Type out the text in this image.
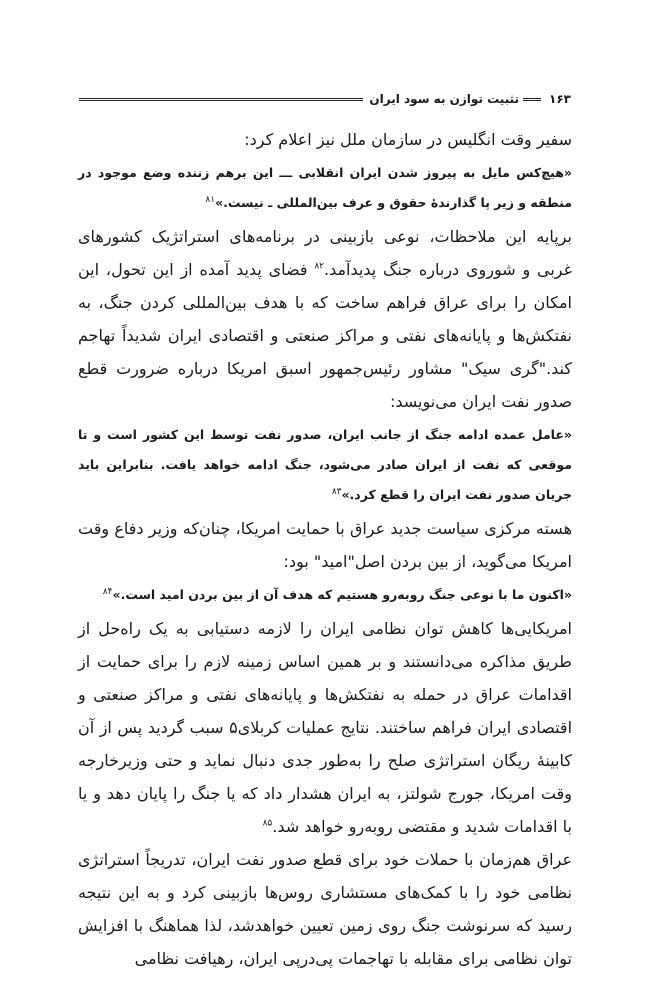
۱۶۳
تثبیت توازن به سود ایران

سفیر وقت انگلیس در سازمان ملل نیز اعلام کرد:

«هیچ‌کس مایل به پیروز شدن ایران انقلابی ـــ این برهم زننده وضع موجود در منطقه و زیر پا گذارندهٔ حقوق و عرف بین‌المللی ـ نیست.»$^{۸۱}$

برپایه این ملاحظات، نوعی بازبینی در برنامه‌های استراتژیک کشورهای غربی و شوروی درباره جنگ پدیدآمد.$^{۸۲}$ فضای پدید آمده از این تحول، این امکان را برای عراق فراهم ساخت که با هدف بین‌المللی کردن جنگ، به نفتکش‌ها و پایانه‌های نفتی و مراکز صنعتی و اقتصادی ایران شدیداً تهاجم کند."گری سیک" مشاور رئیس‌جمهور اسبق امریکا درباره ضرورت قطع صدور نفت ایران می‌نویسد:

«عامل عمده ادامه جنگ از جانب ایران، صدور نفت توسط این کشور است و تا موقعی که نفت از ایران صادر می‌شود، جنگ ادامه خواهد یافت. بنابراین باید جریان صدور نفت ایران را قطع کرد.»$^{۸۳}$

هسته مرکزی سیاست جدید عراق با حمایت امریکا، چنان‌که وزیر دفاع وقت امریکا می‌گوید، از بین بردن اصل"امید" بود:

«اکنون ما با نوعی جنگ روبه‌رو هستیم که هدف آن از بین بردن امید است.»$^{۸۴}$

امریکایی‌ها کاهش توان نظامی ایران را لازمه دستیابی به یک راه‌حل از طریق مذاکره می‌دانستند و بر همین اساس زمینه لازم را برای حمایت از اقدامات عراق در حمله به نفتکش‌ها و پایانه‌های نفتی و مراکز صنعتی و اقتصادی ایران فراهم ساختند. نتایج عملیات کربلای۵ سبب گردید پس از آن کابینهٔ ریگان استراتژی صلح را به‌طور جدی دنبال نماید و حتی وزیرخارجه وقت امریکا، جورج شولتز، به ایران هشدار داد که یا جنگ را پایان دهد و یا با اقدامات شدید و مقتضی روبه‌رو خواهد شد.$^{۸۵}$

عراق هم‌زمان با حملات خود برای قطع صدور نفت ایران، تدریجاً استراتژی نظامی خود را با کمک‌های مستشاری روس‌ها بازبینی کرد و به این نتیجه رسید که سرنوشت جنگ روی زمین تعیین خواهدشد، لذا هماهنگ با افزایش توان نظامی برای مقابله با تهاجمات پی‌درپی ایران، رهیافت نظامی
